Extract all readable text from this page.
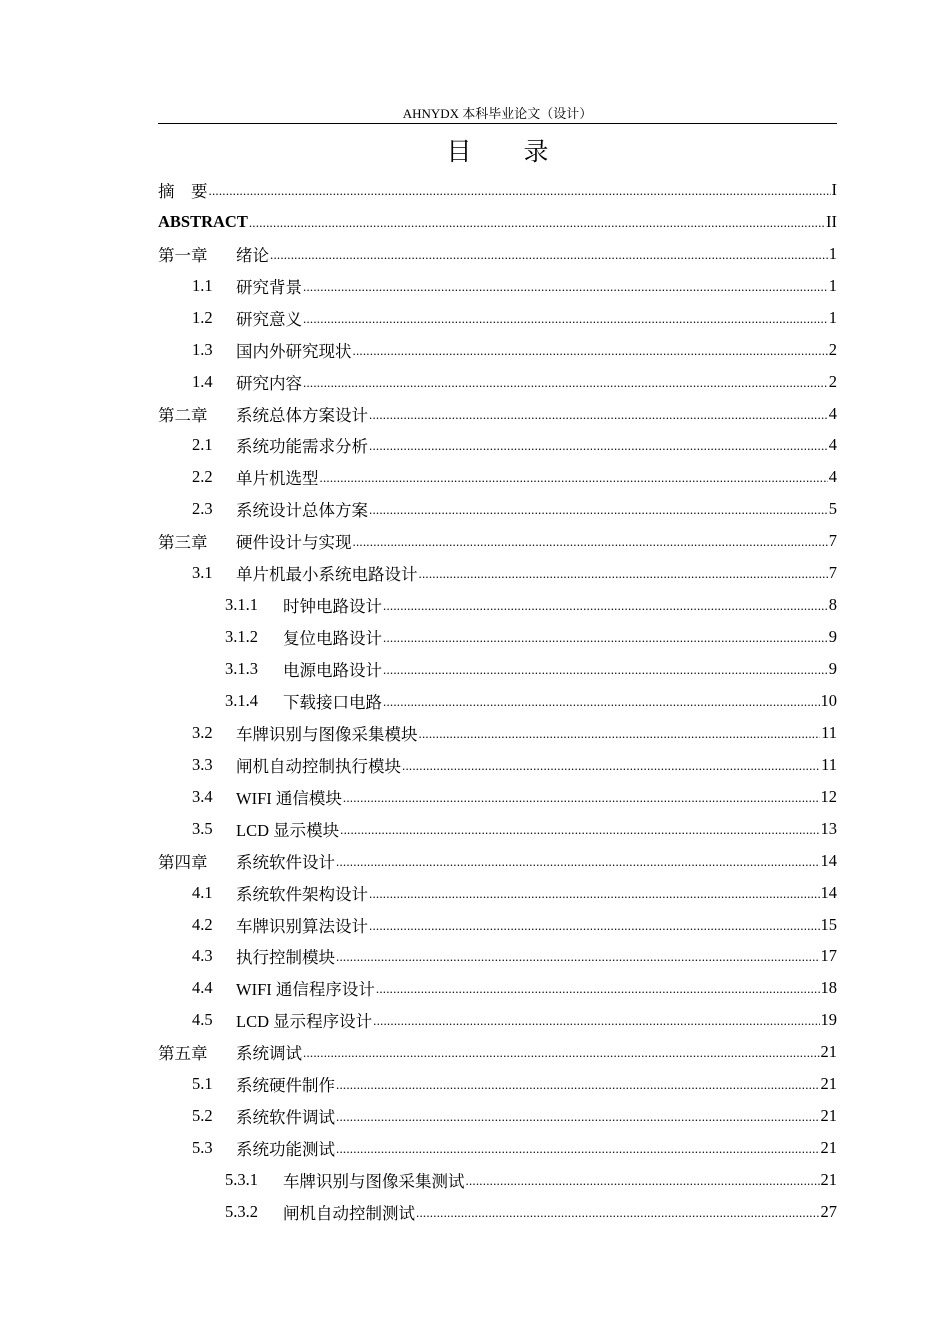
AHNYDX 本科毕业论文（设计）
目 录
摘　要 .....	I
ABSTRACT .....	II
第一章	绪论 .....	1
1.1	研究背景 .....	1
1.2	研究意义 .....	1
1.3	国内外研究现状 .....	2
1.4	研究内容 .....	2
第二章	系统总体方案设计 .....	4
2.1	系统功能需求分析 .....	4
2.2	单片机选型 .....	4
2.3	系统设计总体方案 .....	5
第三章	硬件设计与实现 .....	7
3.1	单片机最小系统电路设计 .....	7
3.1.1	时钟电路设计 .....	8
3.1.2	复位电路设计 .....	9
3.1.3	电源电路设计 .....	9
3.1.4	下载接口电路 .....	10
3.2	车牌识别与图像采集模块 .....	11
3.3	闸机自动控制执行模块 .....	11
3.4	WIFI 通信模块 .....	12
3.5	LCD 显示模块 .....	13
第四章	系统软件设计 .....	14
4.1	系统软件架构设计 .....	14
4.2	车牌识别算法设计 .....	15
4.3	执行控制模块 .....	17
4.4	WIFI 通信程序设计 .....	18
4.5	LCD 显示程序设计 .....	19
第五章	系统调试 .....	21
5.1	系统硬件制作 .....	21
5.2	系统软件调试 .....	21
5.3	系统功能测试 .....	21
5.3.1	车牌识别与图像采集测试 .....	21
5.3.2	闸机自动控制测试 .....	27
